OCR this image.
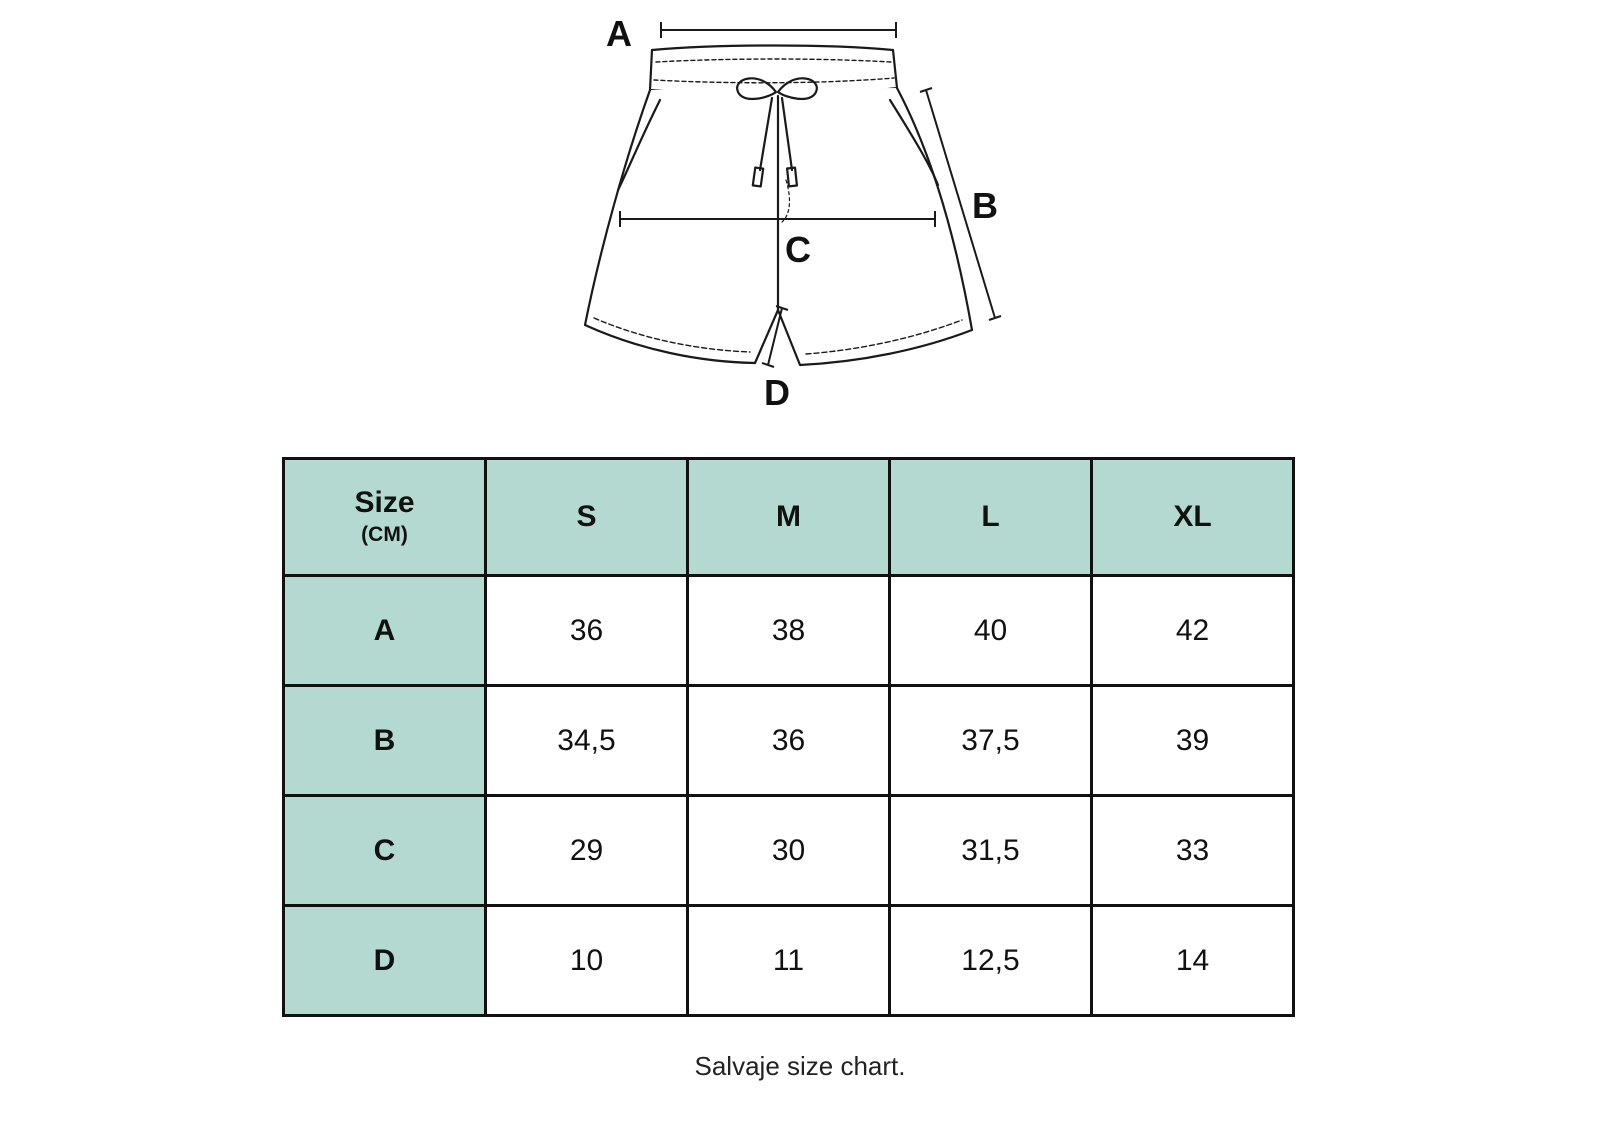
A
B
C
D
Size
(CM)	S	M	L	XL
A	36	38	40	42
B	34,5	36	37,5	39
C	29	30	31,5	33
D	10	11	12,5	14
Salvaje size chart.
